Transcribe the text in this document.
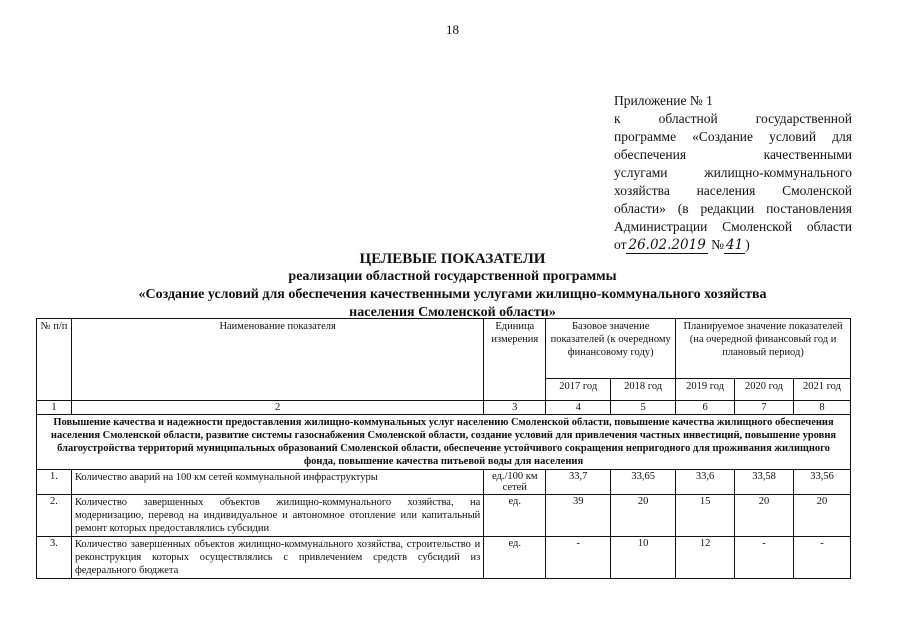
18
Приложение № 1
к областной государственной
программе «Создание условий для
обеспечения качественными
услугами жилищно-коммунального
хозяйства населения Смоленской
области» (в редакции постановления
Администрации Смоленской области
от 26.02.2019 № 41 )
ЦЕЛЕВЫЕ ПОКАЗАТЕЛИ
реализации областной государственной программы
«Создание условий для обеспечения качественными услугами жилищно-коммунального хозяйства
населения Смоленской области»
№ п/п	Наименование показателя	Единица измерения	Базовое значение показателей (к очередному финансовому году)		Планируемое значение показателей (на очередной финансовый год и плановый период)		
			2017 год	2018 год	2019 год	2020 год	2021 год
1	2	3	4	5	6	7	8
Повышение качества и надежности предоставления жилищно-коммунальных услуг населению Смоленской области, повышение качества жилищного обеспечения населения Смоленской области, развитие системы газоснабжения Смоленской области, создание условий для привлечения частных инвестиций, повышение уровня благоустройства территорий муниципальных образований Смоленской области, обеспечение устойчивого сокращения непригодного для проживания жилищного фонда, повышение качества питьевой воды для населения							
1.	Количество аварий на 100 км сетей коммунальной инфраструктуры	ед./100 км сетей	33,7	33,65	33,6	33,58	33,56
2.	Количество завершенных объектов жилищно-коммунального хозяйства, на модернизацию, перевод на индивидуальное и автономное отопление или капитальный ремонт которых предоставлялись субсидии	ед.	39	20	15	20	20
3.	Количество завершенных объектов жилищно-коммунального хозяйства, строительство и реконструкция которых осуществлялись с привлечением средств субсидий из федерального бюджета	ед.	-	10	12	-	-
